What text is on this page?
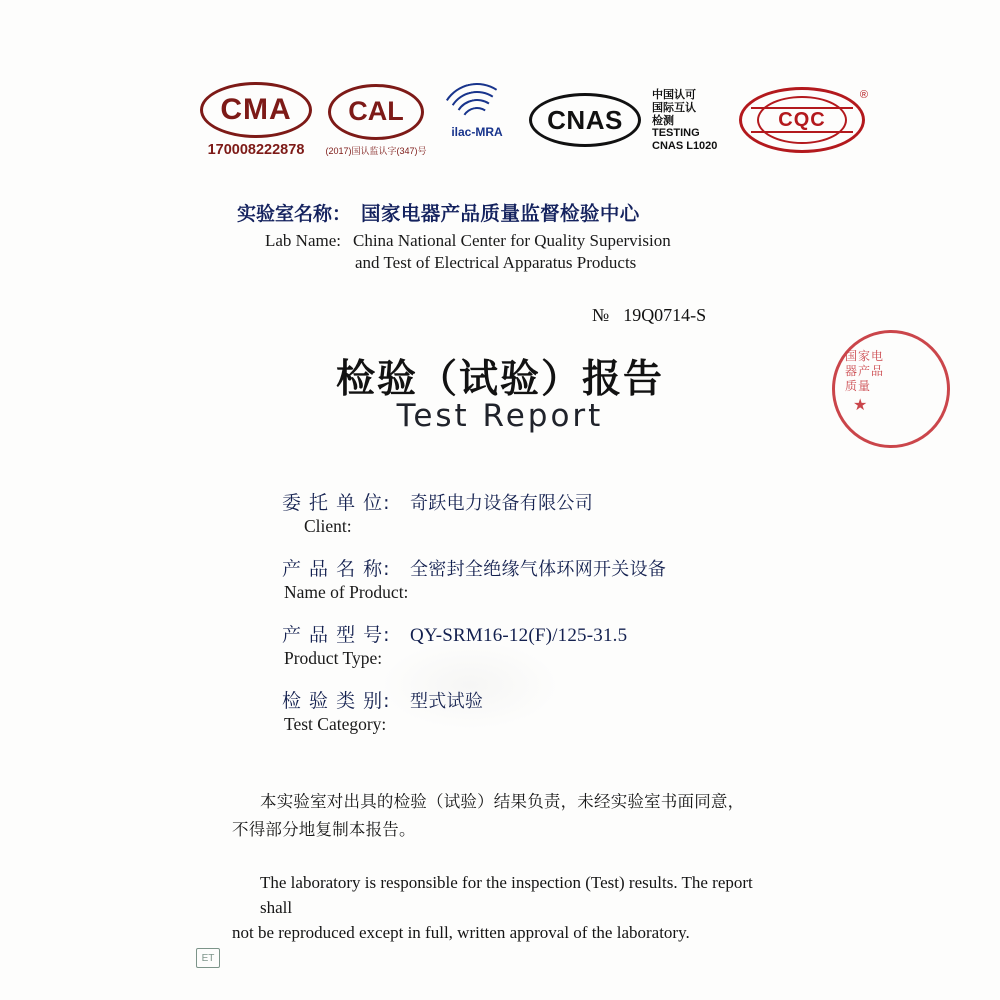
CMA
170008222878
CAL
(2017)国认监认字(347)号
ilac-MRA	CNAS
中国认可
国际互认
检测
TESTING
CNAS L1020
CQC
®
实验室名称： 国家电器产品质量监督检验中心
Lab Name: China National Center for Quality Supervision
and Test of Electrical Apparatus Products
№ 19Q0714-S
检验（试验）报告
Test Report
委 托 单 位:	奇跃电力设备有限公司
Client:
产 品 名 称:	全密封全绝缘气体环网开关设备
Name of Product:
产 品 型 号:	QY-SRM16-12(F)/125-31.5
Product Type:
检 验 类 别:	型式试验
Test Category:
本实验室对出具的检验（试验）结果负责，未经实验室书面同意，
不得部分地复制本报告。
The laboratory is responsible for the inspection (Test) results. The report shall
not be reproduced except in full, written approval of the laboratory.
国家电器产品质量
★
ET
